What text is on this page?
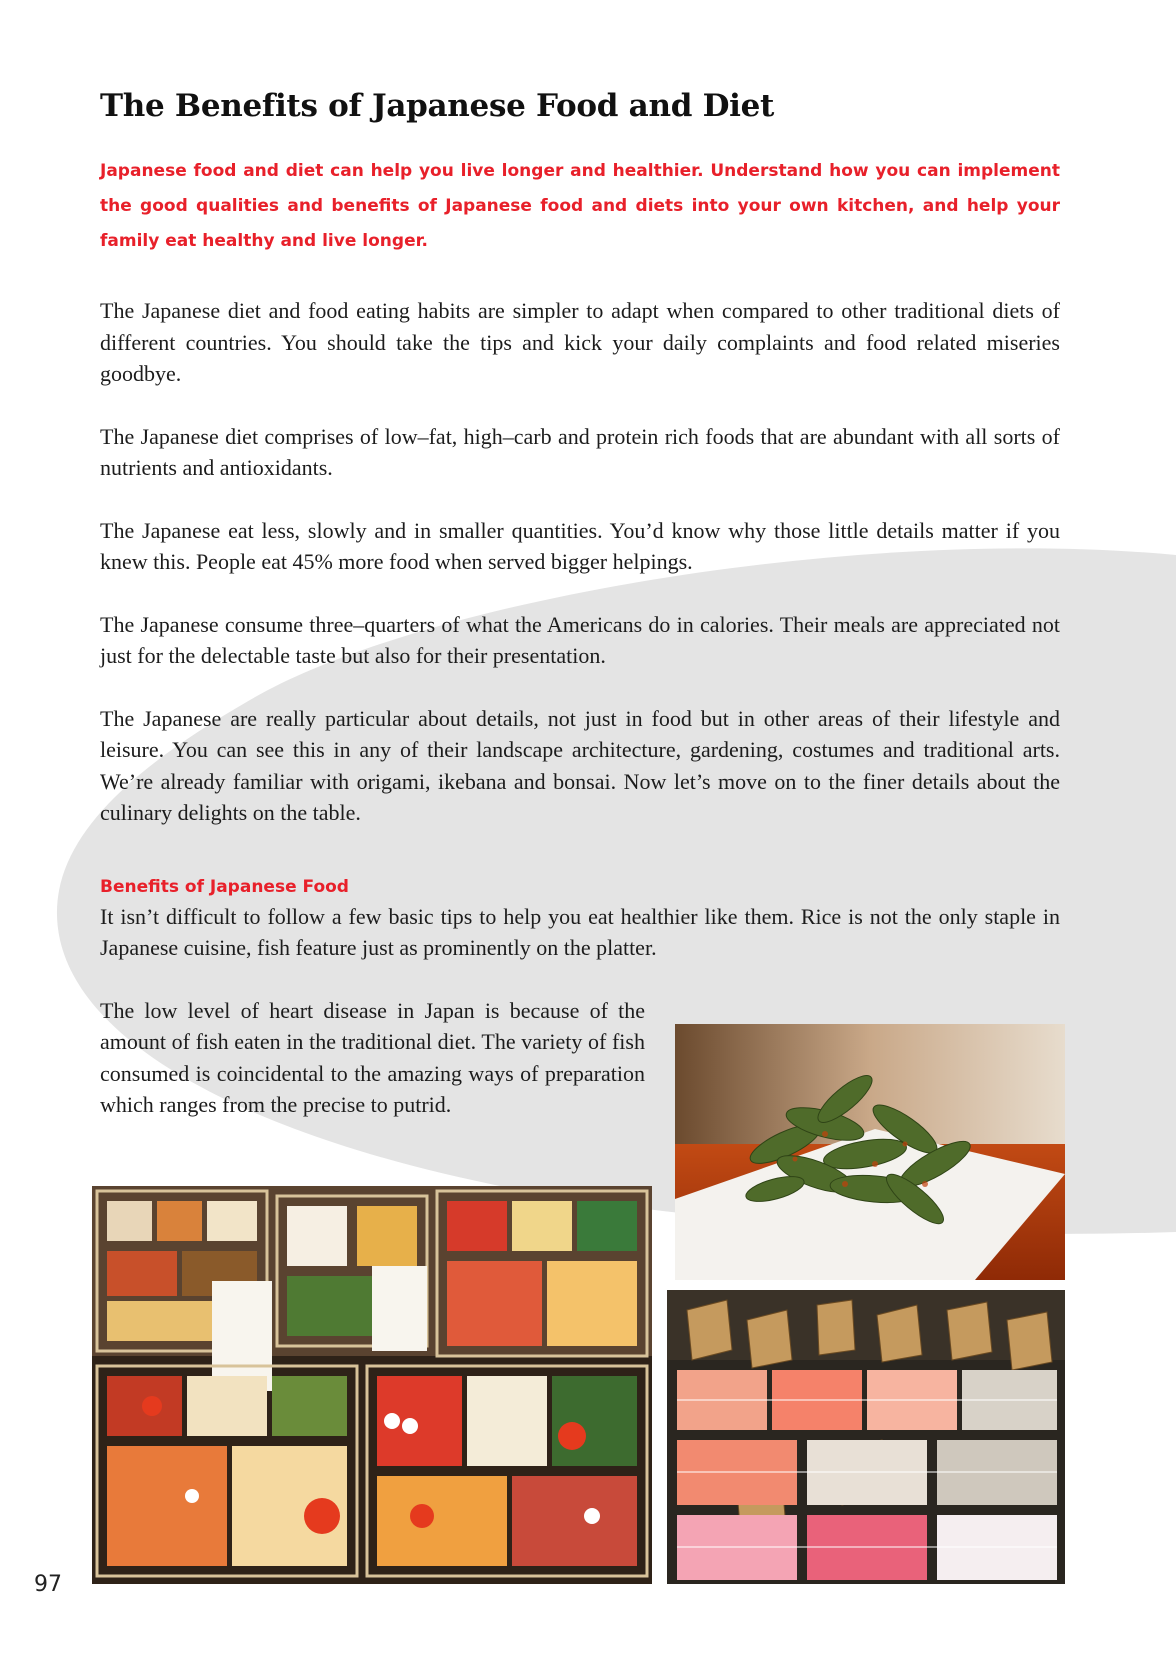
The Benefits of Japanese Food and Diet

Japanese food and diet can help you live longer and healthier. Understand how you can implement the good qualities and benefits of Japanese food and diets into your own kitchen, and help your family eat healthy and live longer.

The Japanese diet and food eating habits are simpler to adapt when compared to other traditional diets of different countries. You should take the tips and kick your daily complaints and food related miseries goodbye.

The Japanese diet comprises of low–fat, high–carb and protein rich foods that are abundant with all sorts of nutrients and antioxidants.

The Japanese eat less, slowly and in smaller quantities. You’d know why those little details matter if you knew this. People eat 45% more food when served bigger helpings.

The Japanese consume three–quarters of what the Americans do in calories. Their meals are appreciated not just for the delectable taste but also for their presentation.

The Japanese are really particular about details, not just in food but in other areas of their lifestyle and leisure. You can see this in any of their landscape architecture, gardening, costumes and traditional arts. We’re already familiar with origami, ikebana and bonsai. Now let’s move on to the finer details about the culinary delights on the table.

Benefits of Japanese Food

It isn’t difficult to follow a few basic tips to help you eat healthier like them. Rice is not the only staple in Japanese cuisine, fish feature just as prominently on the platter.

The low level of heart disease in Japan is because of the amount of fish eaten in the traditional diet. The variety of fish consumed is coincidental to the amazing ways of preparation which ranges from the precise to putrid.

97
